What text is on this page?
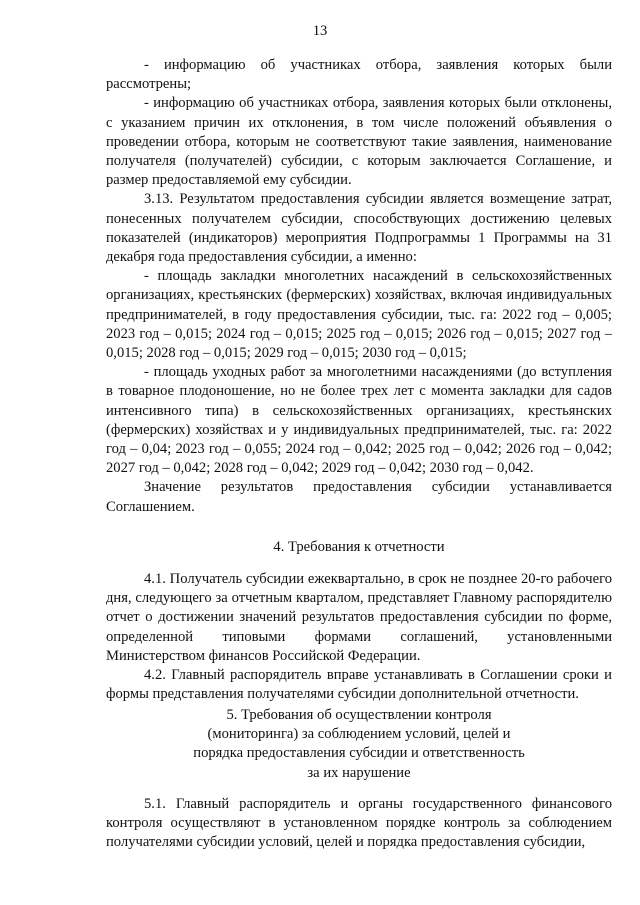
13

- информацию об участниках отбора, заявления которых были рассмотрены;

- информацию об участниках отбора, заявления которых были отклонены, с указанием причин их отклонения, в том числе положений объявления о проведении отбора, которым не соответствуют такие заявления, наименование получателя (получателей) субсидии, с которым заключается Соглашение, и размер предоставляемой ему субсидии.

3.13. Результатом предоставления субсидии является возмещение затрат, понесенных получателем субсидии, способствующих достижению целевых показателей (индикаторов) мероприятия Подпрограммы 1 Программы на 31 декабря года предоставления субсидии, а именно:

- площадь закладки многолетних насаждений в сельскохозяйственных организациях, крестьянских (фермерских) хозяйствах, включая индивидуальных предпринимателей, в году предоставления субсидии, тыс. га: 2022 год – 0,005; 2023 год – 0,015; 2024 год – 0,015; 2025 год – 0,015; 2026 год – 0,015; 2027 год – 0,015; 2028 год – 0,015; 2029 год – 0,015; 2030 год – 0,015;

- площадь уходных работ за многолетними насаждениями (до вступления в товарное плодоношение, но не более трех лет с момента закладки для садов интенсивного типа) в сельскохозяйственных организациях, крестьянских (фермерских) хозяйствах и у индивидуальных предпринимателей, тыс. га: 2022 год – 0,04; 2023 год – 0,055; 2024 год – 0,042; 2025 год – 0,042; 2026 год – 0,042; 2027 год – 0,042; 2028 год – 0,042; 2029 год – 0,042; 2030 год – 0,042.

Значение результатов предоставления субсидии устанавливается Соглашением.

4. Требования к отчетности

4.1. Получатель субсидии ежеквартально, в срок не позднее 20-го рабочего дня, следующего за отчетным кварталом, представляет Главному распорядителю отчет о достижении значений результатов предоставления субсидии по форме, определенной типовыми формами соглашений, установленными Министерством финансов Российской Федерации.

4.2. Главный распорядитель вправе устанавливать в Соглашении сроки и формы представления получателями субсидии дополнительной отчетности.

5. Требования об осуществлении контроля
(мониторинга) за соблюдением условий, целей и
порядка предоставления субсидии и ответственность
за их нарушение

5.1. Главный распорядитель и органы государственного финансового контроля осуществляют в установленном порядке контроль за соблюдением получателями субсидии условий, целей и порядка предоставления субсидии,
